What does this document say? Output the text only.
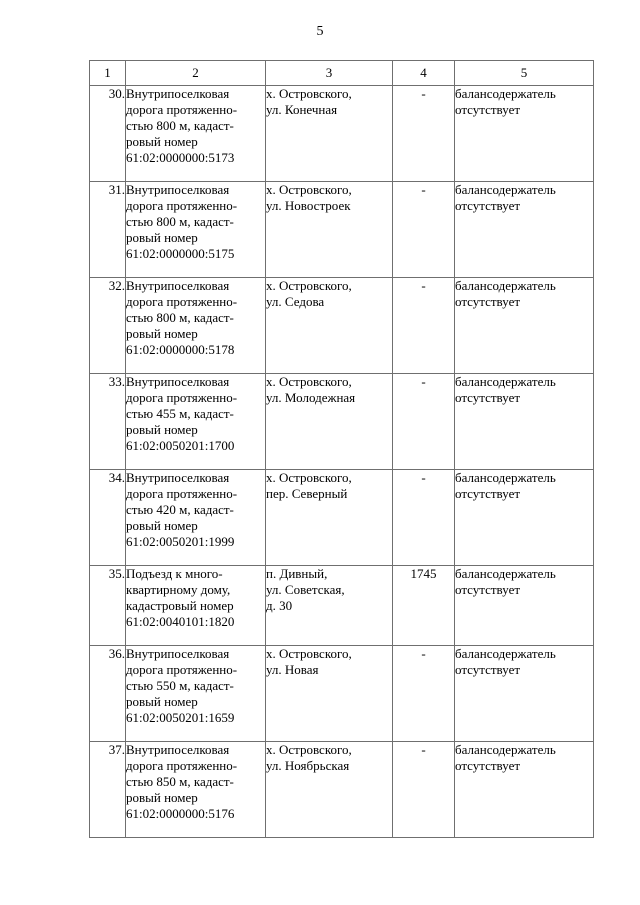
5
1	2	3	4	5
30.	Внутрипоселковая
дорога протяженно-
стью 800 м, кадаст-
ровый номер
61:02:0000000:5173	х. Островского,
ул. Конечная	-	балансодержатель
отсутствует
31.	Внутрипоселковая
дорога протяженно-
стью 800 м, кадаст-
ровый номер
61:02:0000000:5175	х. Островского,
ул. Новостроек	-	балансодержатель
отсутствует
32.	Внутрипоселковая
дорога протяженно-
стью 800 м, кадаст-
ровый номер
61:02:0000000:5178	х. Островского,
ул. Седова	-	балансодержатель
отсутствует
33.	Внутрипоселковая
дорога протяженно-
стью 455 м, кадаст-
ровый номер
61:02:0050201:1700	х. Островского,
ул. Молодежная	-	балансодержатель
отсутствует
34.	Внутрипоселковая
дорога протяженно-
стью 420 м, кадаст-
ровый номер
61:02:0050201:1999	х. Островского,
пер. Северный	-	балансодержатель
отсутствует
35.	Подъезд к много-
квартирному дому,
кадастровый номер
61:02:0040101:1820	п. Дивный,
ул. Советская,
д. 30	1745	балансодержатель
отсутствует
36.	Внутрипоселковая
дорога протяженно-
стью 550 м, кадаст-
ровый номер
61:02:0050201:1659	х. Островского,
ул. Новая	-	балансодержатель
отсутствует
37.	Внутрипоселковая
дорога протяженно-
стью 850 м, кадаст-
ровый номер
61:02:0000000:5176	х. Островского,
ул. Ноябрьская	-	балансодержатель
отсутствует
